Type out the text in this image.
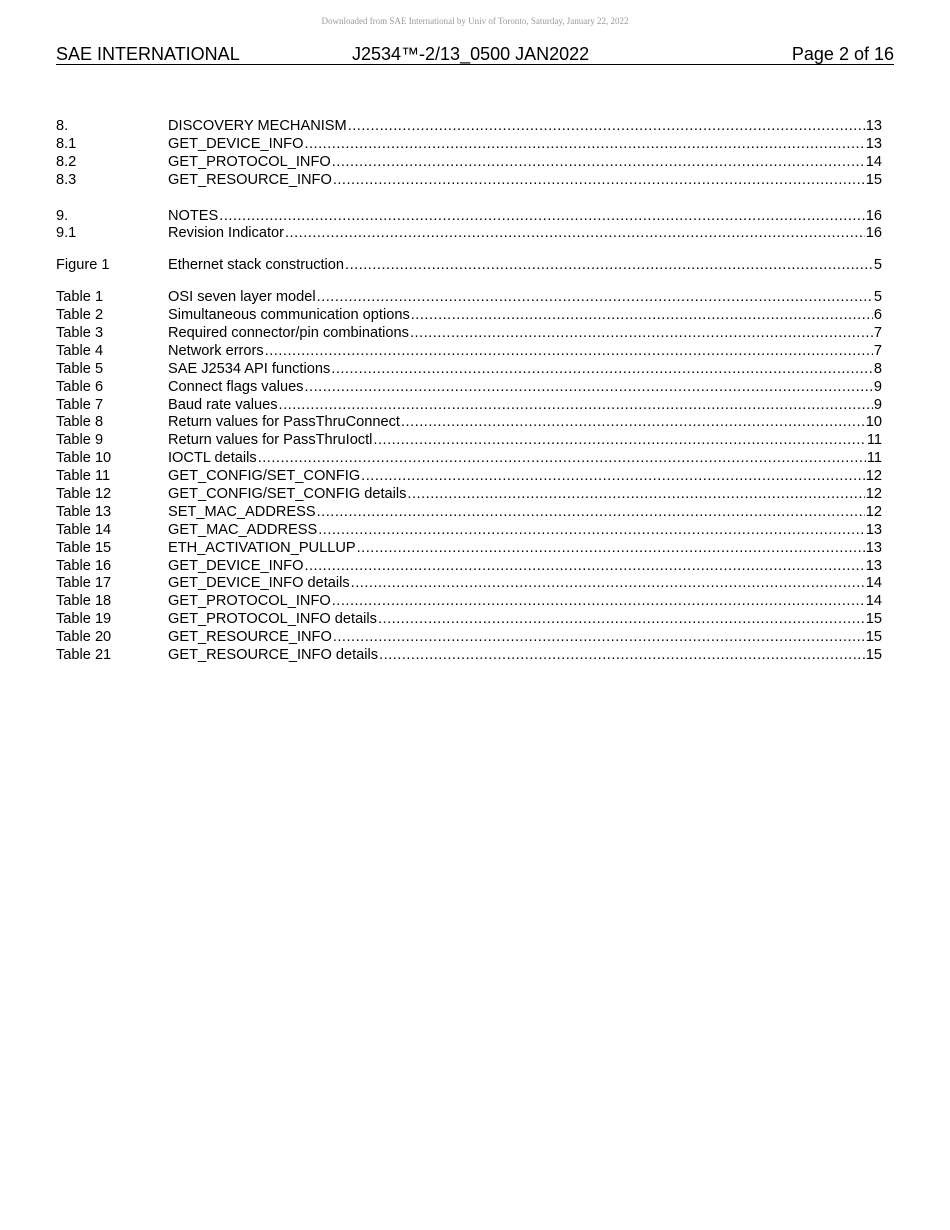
Downloaded from SAE International by Univ of Toronto, Saturday, January 22, 2022
SAE INTERNATIONAL	J2534™-2/13_0500 JAN2022	Page 2 of 16
8.	DISCOVERY MECHANISM .....	13
8.1	GET_DEVICE_INFO .....	13
8.2	GET_PROTOCOL_INFO .....	14
8.3	GET_RESOURCE_INFO .....	15
9.	NOTES .....	16
9.1	Revision Indicator .....	16
Figure 1	Ethernet stack construction .....	5
Table 1	OSI seven layer model .....	5
Table 2	Simultaneous communication options .....	6
Table 3	Required connector/pin combinations .....	7
Table 4	Network errors .....	7
Table 5	SAE J2534 API functions .....	8
Table 6	Connect flags values .....	9
Table 7	Baud rate values .....	9
Table 8	Return values for PassThruConnect .....	10
Table 9	Return values for PassThruIoctl .....	11
Table 10	IOCTL details .....	11
Table 11	GET_CONFIG/SET_CONFIG .....	12
Table 12	GET_CONFIG/SET_CONFIG details .....	12
Table 13	SET_MAC_ADDRESS .....	12
Table 14	GET_MAC_ADDRESS .....	13
Table 15	ETH_ACTIVATION_PULLUP .....	13
Table 16	GET_DEVICE_INFO .....	13
Table 17	GET_DEVICE_INFO details .....	14
Table 18	GET_PROTOCOL_INFO .....	14
Table 19	GET_PROTOCOL_INFO details .....	15
Table 20	GET_RESOURCE_INFO .....	15
Table 21	GET_RESOURCE_INFO details .....	15
